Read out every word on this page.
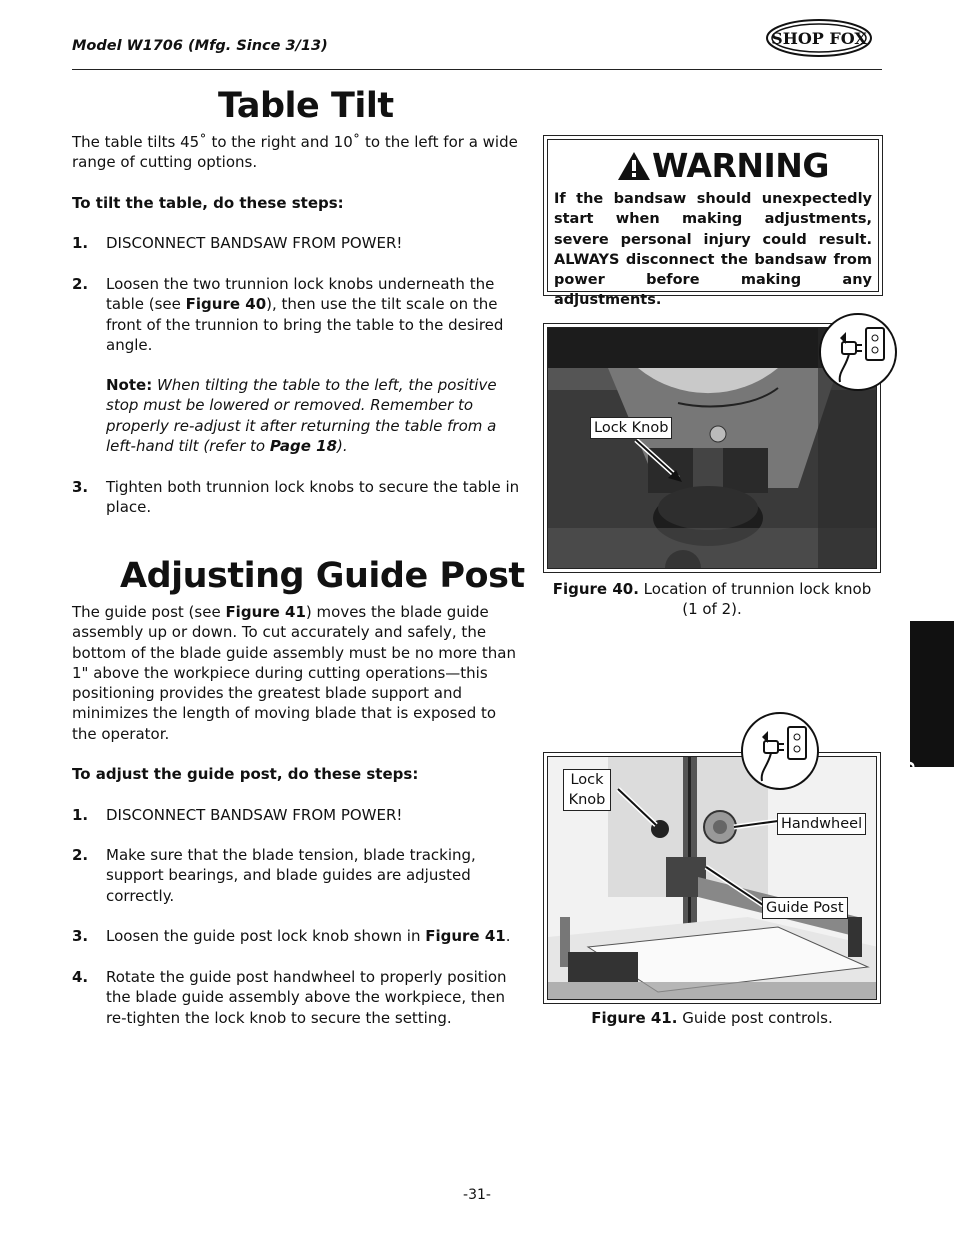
Model W1706 (Mfg. Since 3/13)	SHOP FOX
Table Tilt
The table tilts 45˚ to the right and 10˚ to the left for a wide range of cutting options.
To tilt the table, do these steps:
1. DISCONNECT BANDSAW FROM POWER!
2. Loosen the two trunnion lock knobs underneath the table (see Figure 40), then use the tilt scale on the front of the trunnion to bring the table to the desired angle.
Note: When tilting the table to the left, the positive stop must be lowered or removed. Remember to properly re-adjust it after returning the table from a left-hand tilt (refer to Page 18).
3. Tighten both trunnion lock knobs to secure the table in place.
Adjusting Guide Post
The guide post (see Figure 41) moves the blade guide assembly up or down. To cut accurately and safely, the bottom of the blade guide assembly must be no more than 1" above the workpiece during cutting operations—this positioning provides the greatest blade support and minimizes the length of moving blade that is exposed to the operator.
To adjust the guide post, do these steps:
1. DISCONNECT BANDSAW FROM POWER!
2. Make sure that the blade tension, blade tracking, support bearings, and blade guides are adjusted correctly.
3. Loosen the guide post lock knob shown in Figure 41.
4. Rotate the guide post handwheel to properly position the blade guide assembly above the workpiece, then re-tighten the lock knob to secure the setting.
WARNING
If the bandsaw should unexpectedly start when making adjustments, severe personal injury could result. ALWAYS disconnect the bandsaw from power before making any adjustments.
Lock Knob
Figure 40. Location of trunnion lock knob (1 of 2).
Lock Knob
Handwheel
Guide Post
Figure 41. Guide post controls.
OPERATIONS
-31-
